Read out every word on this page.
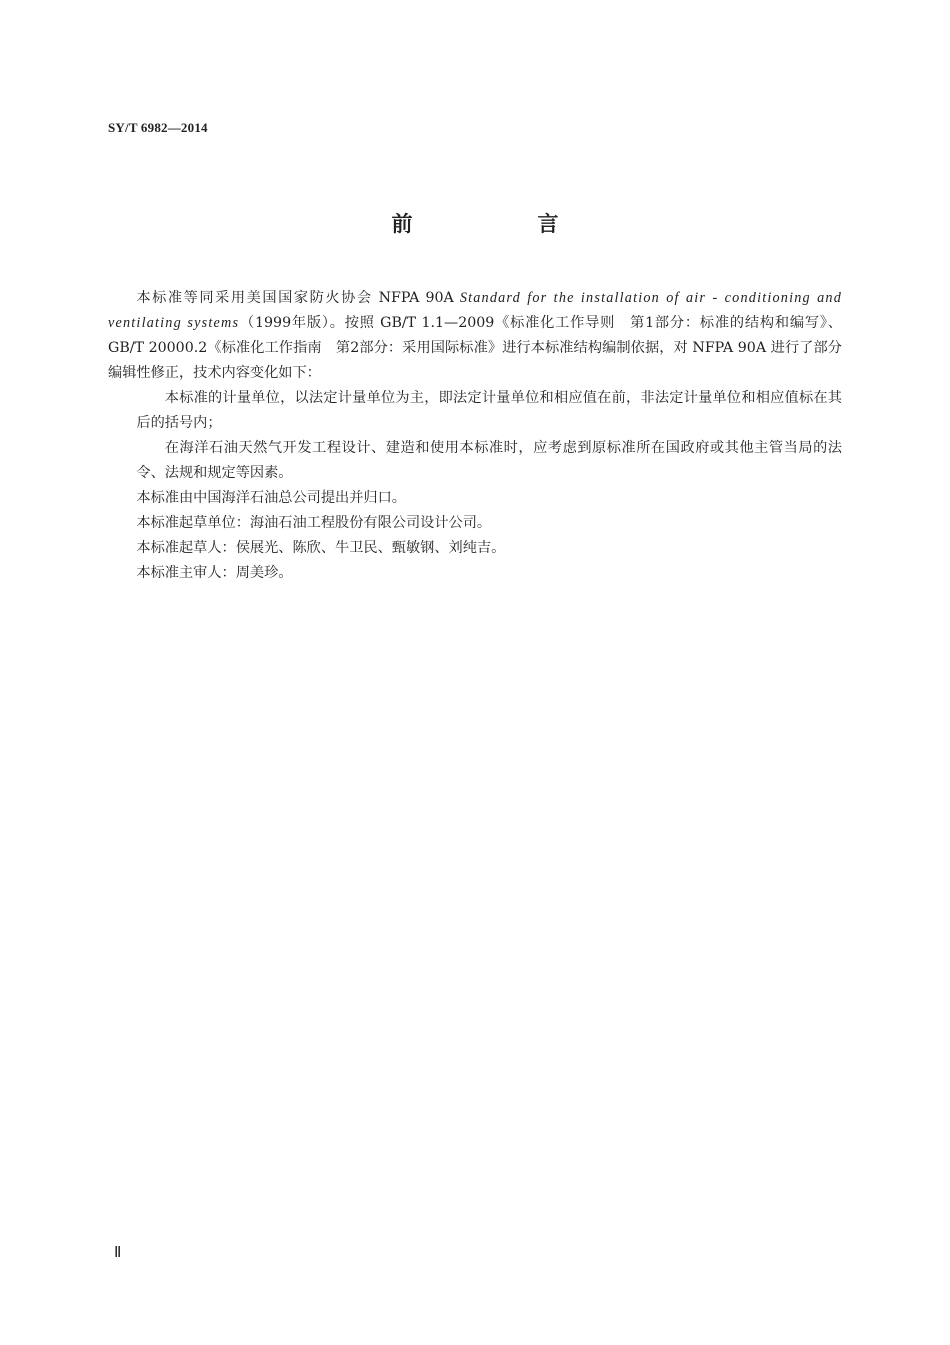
SY/T 6982—2014
前　言

本标准等同采用美国国家防火协会 NFPA 90A Standard for the installation of air - conditioning and ventilating systems（1999年版）。按照 GB/T 1.1—2009《标准化工作导则　第1部分：标准的结构和编写》、GB/T 20000.2《标准化工作指南　第2部分：采用国际标准》进行本标准结构编制依据，对 NFPA 90A 进行了部分编辑性修正，技术内容变化如下：

本标准的计量单位，以法定计量单位为主，即法定计量单位和相应值在前，非法定计量单位和相应值标在其后的括号内；

在海洋石油天然气开发工程设计、建造和使用本标准时，应考虑到原标准所在国政府或其他主管当局的法令、法规和规定等因素。

本标准由中国海洋石油总公司提出并归口。

本标准起草单位：海油石油工程股份有限公司设计公司。

本标准起草人：侯展光、陈欣、牛卫民、甄敏钢、刘纯吉。

本标准主审人：周美珍。

Ⅱ
